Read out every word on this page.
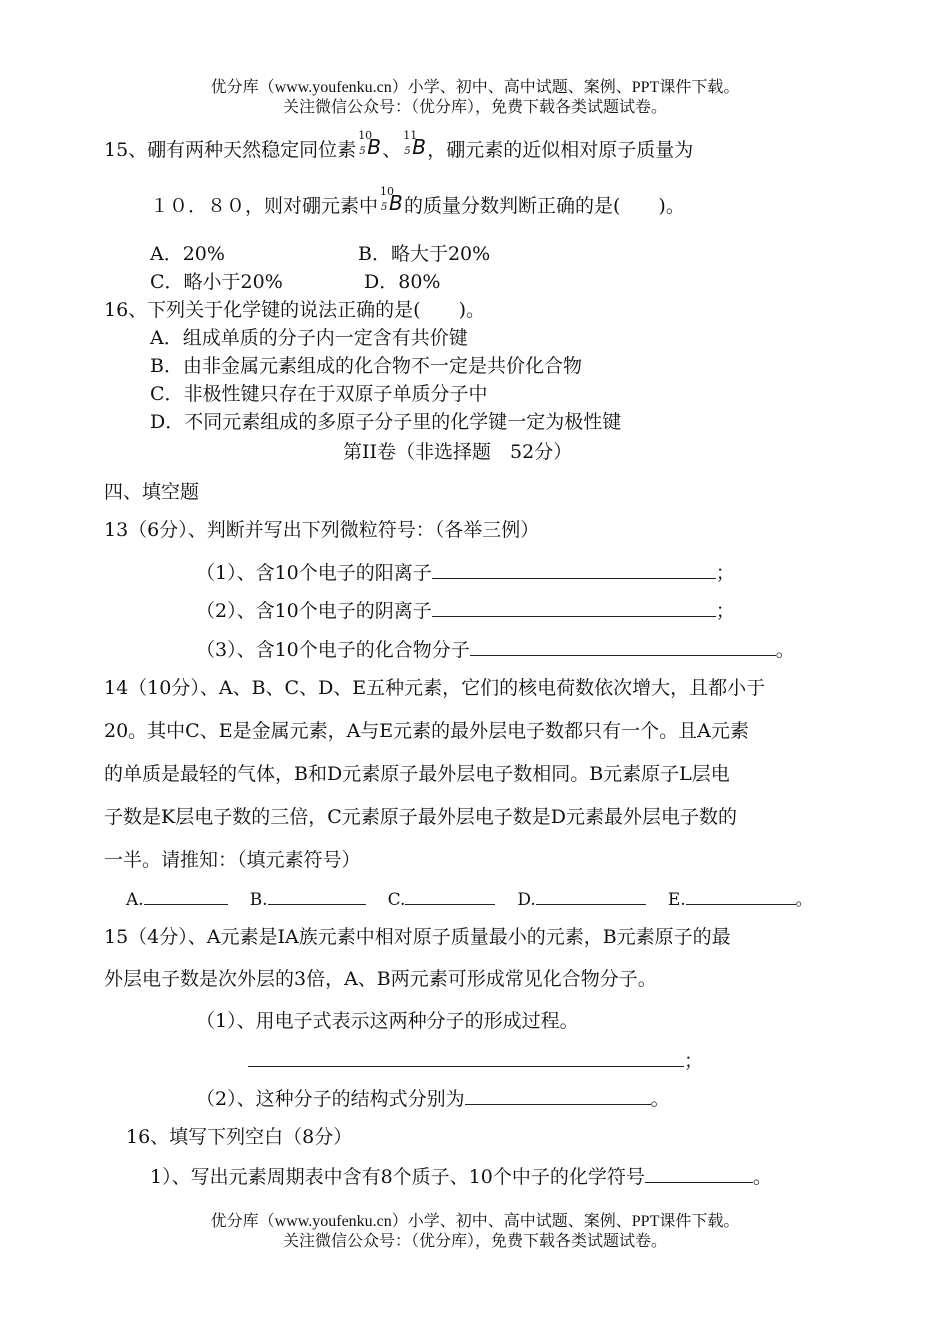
优分库（www.youfenku.cn）小学、初中、高中试题、案例、PPT课件下载。
关注微信公众号：（优分库），免费下载各类试题试卷。
15、硼有两种天然稳定同位素
10
5 B 、
11
5 B ，硼元素的近似相对原子质量为
１０．８０，则对硼元素中
10
5 B 的质量分数判断正确的是(　　)。
A．20%	B．略大于20%
C．略小于20%	D．80%
16、下列关于化学键的说法正确的是(　　)。
A．组成单质的分子内一定含有共价键
B．由非金属元素组成的化合物不一定是共价化合物
C．非极性键只存在于双原子单质分子中
D．不同元素组成的多原子分子里的化学键一定为极性键
第II卷（非选择题　52分）
四、填空题
13（6分）、判断并写出下列微粒符号：（各举三例）
（1）、含10个电子的阳离子	；
（2）、含10个电子的阴离子	；
（3）、含10个电子的化合物分子	。
14（10分）、A、B、C、D、E五种元素，它们的核电荷数依次增大，且都小于
20。其中C、E是金属元素，A与E元素的最外层电子数都只有一个。且A元素
的单质是最轻的气体，B和D元素原子最外层电子数相同。B元素原子L层电
子数是K层电子数的三倍，C元素原子最外层电子数是D元素最外层电子数的
一半。请推知：（填元素符号）
A.	B.	C.	D.	E.	。
15（4分）、A元素是IA族元素中相对原子质量最小的元素，B元素原子的最
外层电子数是次外层的3倍，A、B两元素可形成常见化合物分子。
（1）、用电子式表示这两种分子的形成过程。
；
（2）、这种分子的结构式分别为	。
16、填写下列空白（8分）
1）、写出元素周期表中含有8个质子、10个中子的化学符号	。
优分库（www.youfenku.cn）小学、初中、高中试题、案例、PPT课件下载。
关注微信公众号：（优分库），免费下载各类试题试卷。
